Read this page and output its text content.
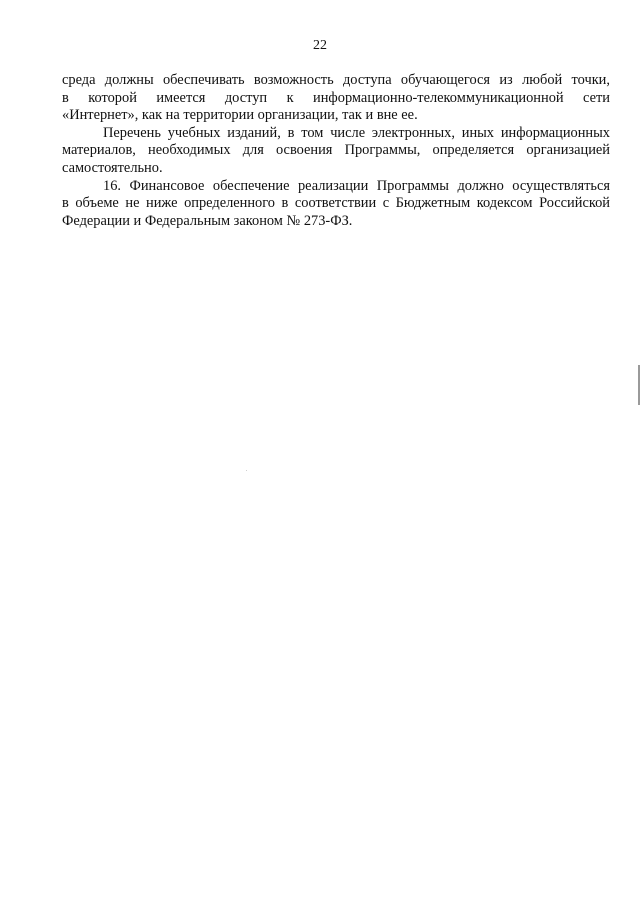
22
среда должны обеспечивать возможность доступа обучающегося из любой точки,
в которой имеется доступ к информационно-телекоммуникационной сети
«Интернет», как на территории организации, так и вне ее.
Перечень учебных изданий, в том числе электронных, иных информационных
материалов, необходимых для освоения Программы, определяется организацией
самостоятельно.
16. Финансовое обеспечение реализации Программы должно осуществляться
в объеме не ниже определенного в соответствии с Бюджетным кодексом Российской
Федерации и Федеральным законом № 273-ФЗ.
